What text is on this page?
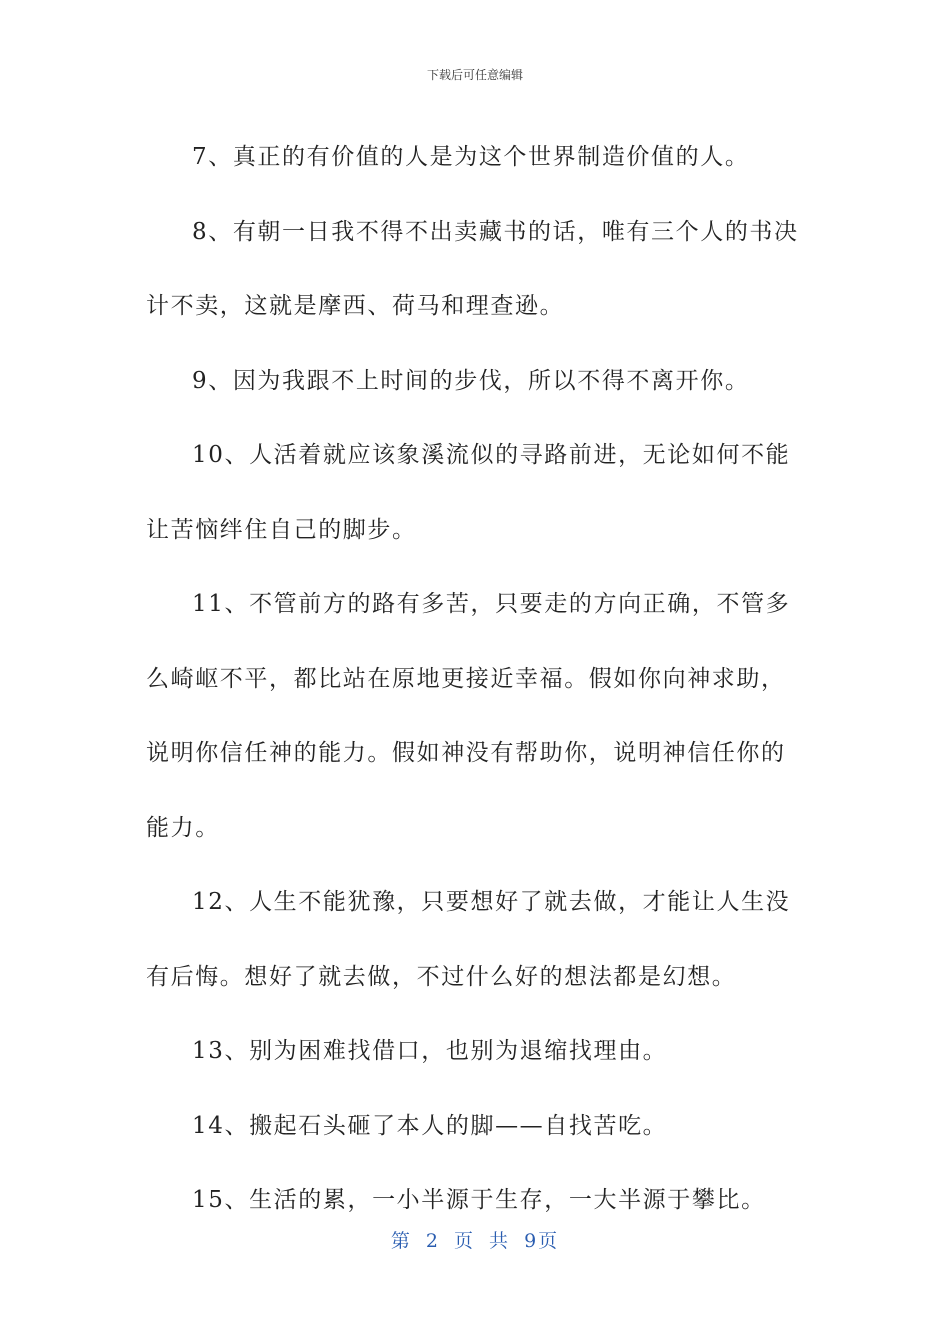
下载后可任意编辑

7、真正的有价值的人是为这个世界制造价值的人。

8、有朝一日我不得不出卖藏书的话，唯有三个人的书决计不卖，这就是摩西、荷马和理查逊。

9、因为我跟不上时间的步伐，所以不得不离开你。

10、人活着就应该象溪流似的寻路前进，无论如何不能让苦恼绊住自己的脚步。

11、不管前方的路有多苦，只要走的方向正确，不管多么崎岖不平，都比站在原地更接近幸福。假如你向神求助，说明你信任神的能力。假如神没有帮助你，说明神信任你的能力。

12、人生不能犹豫，只要想好了就去做，才能让人生没有后悔。想好了就去做，不过什么好的想法都是幻想。

13、别为困难找借口，也别为退缩找理由。

14、搬起石头砸了本人的脚——自找苦吃。

15、生活的累，一小半源于生存，一大半源于攀比。

第 2 页 共 9页
